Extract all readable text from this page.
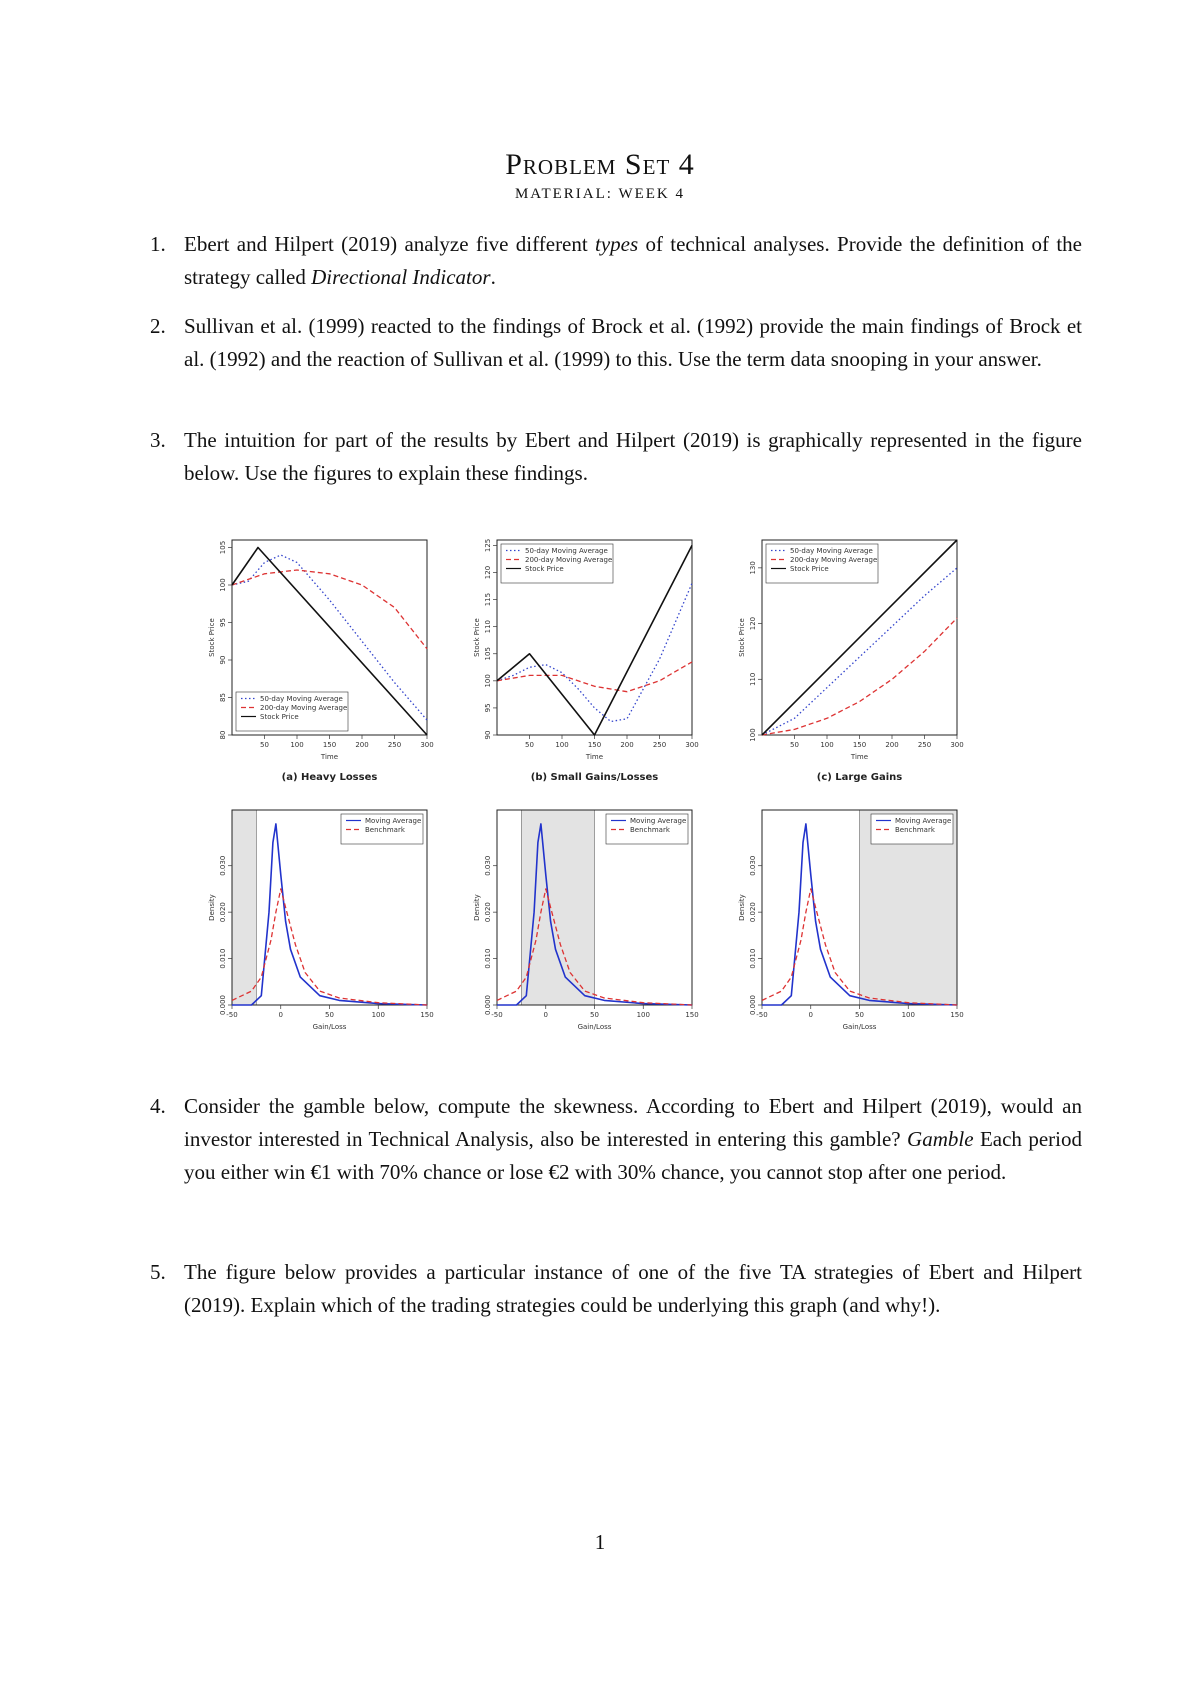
Problem Set 4
MATERIAL: WEEK 4
1. Ebert and Hilpert (2019) analyze five different types of technical analyses. Provide the definition of the strategy called Directional Indicator.
2. Sullivan et al. (1999) reacted to the findings of Brock et al. (1992) provide the main findings of Brock et al. (1992) and the reaction of Sullivan et al. (1999) to this. Use the term data snooping in your answer.
3. The intuition for part of the results by Ebert and Hilpert (2019) is graphically represented in the figure below. Use the figures to explain these findings.
50	100	150	200	250	300
80
85
90
95
100
105
Time
Stock Price
50-day Moving Average
200-day Moving Average
Stock Price
(a) Heavy Losses
50	100	150	200	250	300
90
95
100
105
110
115
120
125
Time
Stock Price
50-day Moving Average
200-day Moving Average
Stock Price
(b) Small Gains/Losses
50	100	150	200	250	300
100
110
120
130
Time
Stock Price
50-day Moving Average
200-day Moving Average
Stock Price
(c) Large Gains
-50	0	50	100	150
0.000
0.010
0.020
0.030
Gain/Loss
Density
Moving Average
Benchmark
-50	0	50	100	150
0.000
0.010
0.020
0.030
Gain/Loss
Density
Moving Average
Benchmark
-50	0	50	100	150
0.000
0.010
0.020
0.030
Gain/Loss
Density
Moving Average
Benchmark
4. Consider the gamble below, compute the skewness. According to Ebert and Hilpert (2019), would an investor interested in Technical Analysis, also be interested in entering this gamble? Gamble Each period you either win €1 with 70% chance or lose €2 with 30% chance, you cannot stop after one period.
5. The figure below provides a particular instance of one of the five TA strategies of Ebert and Hilpert (2019). Explain which of the trading strategies could be underlying this graph (and why!).
1
